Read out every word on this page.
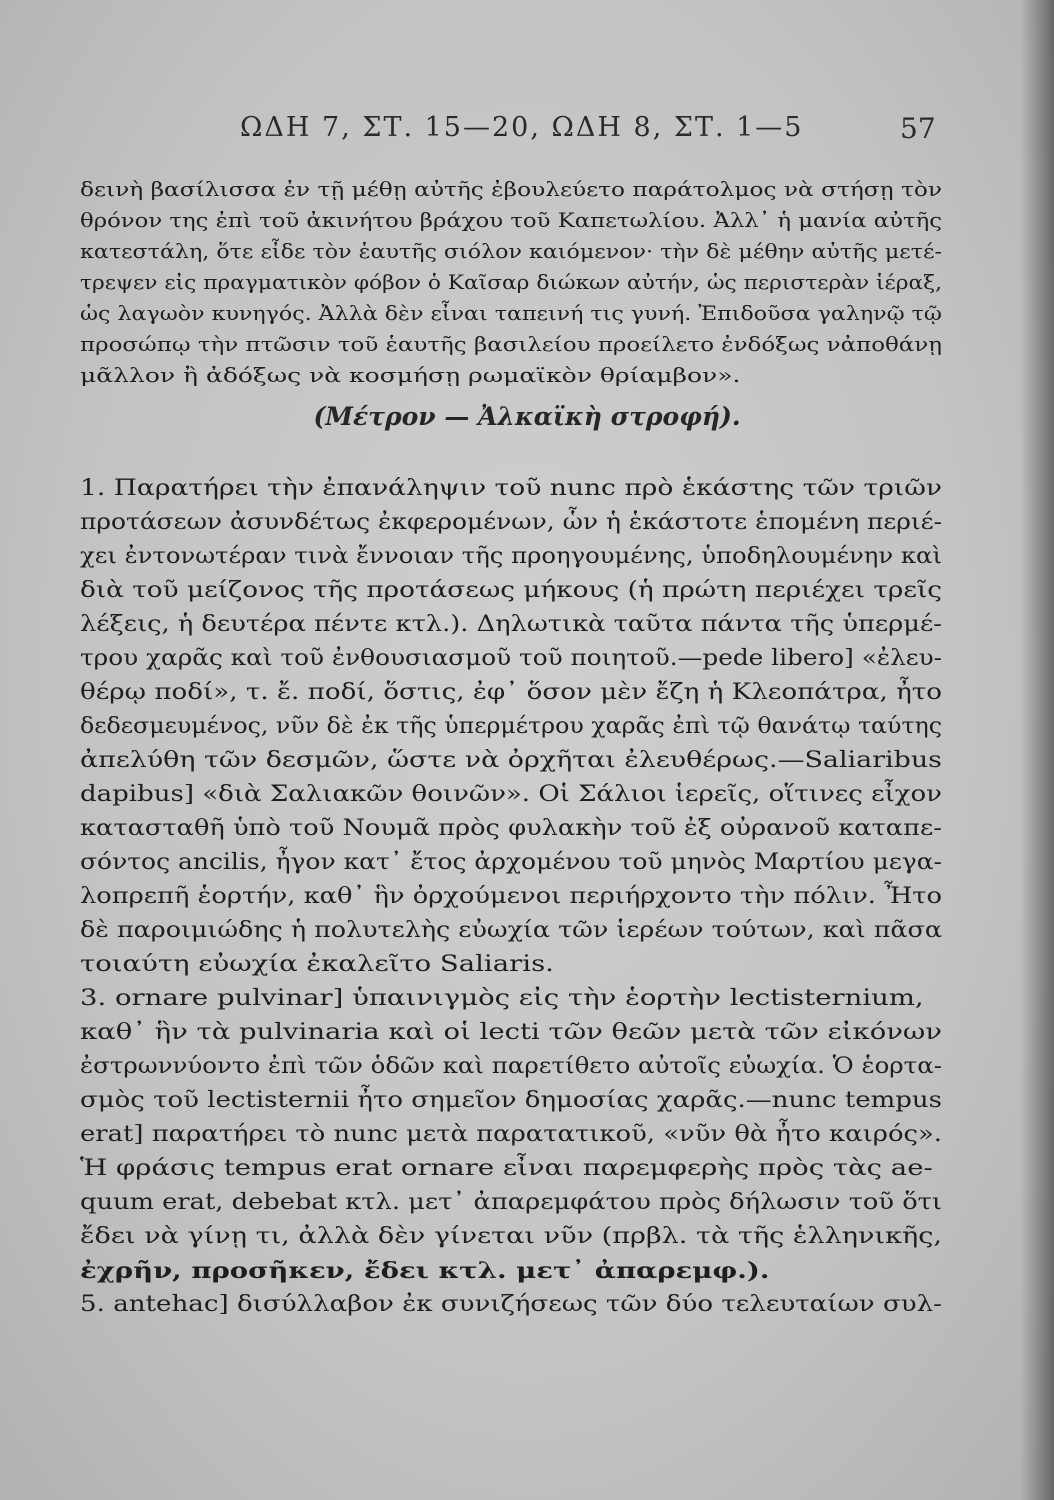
ΩΔΗ 7, ΣΤ. 15—20, ΩΔΗ 8, ΣΤ. 1—5	57
δεινὴ βασίλισσα ἐν τῇ μέθῃ αὐτῆς ἐβουλεύετο παράτολμος νὰ στήσῃ τὸν
θρόνον της ἐπὶ τοῦ ἀκινήτου βράχου τοῦ Καπετωλίου. Ἀλλ᾿ ἡ μανία αὐτῆς
κατεστάλη, ὅτε εἶδε τὸν ἑαυτῆς σιόλον καιόμενον· τὴν δὲ μέθην αὐτῆς μετέ-
τρεψεν εἰς πραγματικὸν φόβον ὁ Καῖσαρ διώκων αὐτήν, ὡς περιστερὰν ἱέραξ,
ὡς λαγωὸν κυνηγός. Ἀλλὰ δὲν εἶναι ταπεινή τις γυνή. Ἐπιδοῦσα γαληνῷ τῷ
προσώπῳ τὴν πτῶσιν τοῦ ἑαυτῆς βασιλείου προείλετο ἐνδόξως νἀποθάνῃ
μᾶλλον ἢ ἀδόξως νὰ κοσμήσῃ ρωμαϊκὸν θρίαμβον».
(Μέτρον — Ἀλκαϊκὴ στροφή).
1. Παρατήρει τὴν ἐπανάληψιν τοῦ nunc πρὸ ἑκάστης τῶν τριῶν
προτάσεων ἀσυνδέτως ἐκφερομένων, ὧν ἡ ἑκάστοτε ἑπομένη περιέ-
χει ἐντονωτέραν τινὰ ἔννοιαν τῆς προηγουμένης, ὑποδηλουμένην καὶ
διὰ τοῦ μείζονος τῆς προτάσεως μήκους (ἡ πρώτη περιέχει τρεῖς
λέξεις, ἡ δευτέρα πέντε κτλ.). Δηλωτικὰ ταῦτα πάντα τῆς ὑπερμέ-
τρου χαρᾶς καὶ τοῦ ἐνθουσιασμοῦ τοῦ ποιητοῦ.—pede libero] «ἐλευ-
θέρῳ ποδί», τ. ἔ. ποδί, ὅστις, ἐφ᾿ ὅσον μὲν ἔζη ἡ Κλεοπάτρα, ἦτο
δεδεσμευμένος, νῦν δὲ ἐκ τῆς ὑπερμέτρου χαρᾶς ἐπὶ τῷ θανάτῳ ταύτης
ἀπελύθη τῶν δεσμῶν, ὥστε νὰ ὀρχῆται ἐλευθέρως.—Saliaribus
dapibus] «διὰ Σαλιακῶν θοινῶν». Οἱ Σάλιοι ἱερεῖς, οἵτινες εἶχον
κατασταθῆ ὑπὸ τοῦ Νουμᾶ πρὸς φυλακὴν τοῦ ἐξ οὐρανοῦ καταπε-
σόντος ancilis, ἦγον κατ᾿ ἔτος ἀρχομένου τοῦ μηνὸς Μαρτίου μεγα-
λοπρεπῆ ἑορτήν, καθ᾿ ἣν ὀρχούμενοι περιήρχοντο τὴν πόλιν. Ἦτο
δὲ παροιμιώδης ἡ πολυτελὴς εὐωχία τῶν ἱερέων τούτων, καὶ πᾶσα
τοιαύτη εὐωχία ἐκαλεῖτο Saliaris.
3. ornare pulvinar] ὑπαινιγμὸς εἰς τὴν ἑορτὴν lectisternium,
καθ᾿ ἣν τὰ pulvinaria καὶ οἱ lecti τῶν θεῶν μετὰ τῶν εἰκόνων
ἐστρωννύοντο ἐπὶ τῶν ὁδῶν καὶ παρετίθετο αὐτοῖς εὐωχία. Ὁ ἑορτα-
σμὸς τοῦ lectisternii ἦτο σημεῖον δημοσίας χαρᾶς.—nunc tempus
erat] παρατήρει τὸ nunc μετὰ παρατατικοῦ, «νῦν θὰ ἦτο καιρός».
Ἡ φράσις tempus erat ornare εἶναι παρεμφερὴς πρὸς τὰς ae-
quum erat, debebat κτλ. μετ᾿ ἀπαρεμφάτου πρὸς δήλωσιν τοῦ ὅτι
ἔδει νὰ γίνῃ τι, ἀλλὰ δὲν γίνεται νῦν (πρβλ. τὰ τῆς ἑλληνικῆς,
ἐχρῆν, προσῆκεν, ἔδει κτλ. μετ᾿ ἀπαρεμφ.).
5. antehac] δισύλλαβον ἐκ συνιζήσεως τῶν δύο τελευταίων συλ-
